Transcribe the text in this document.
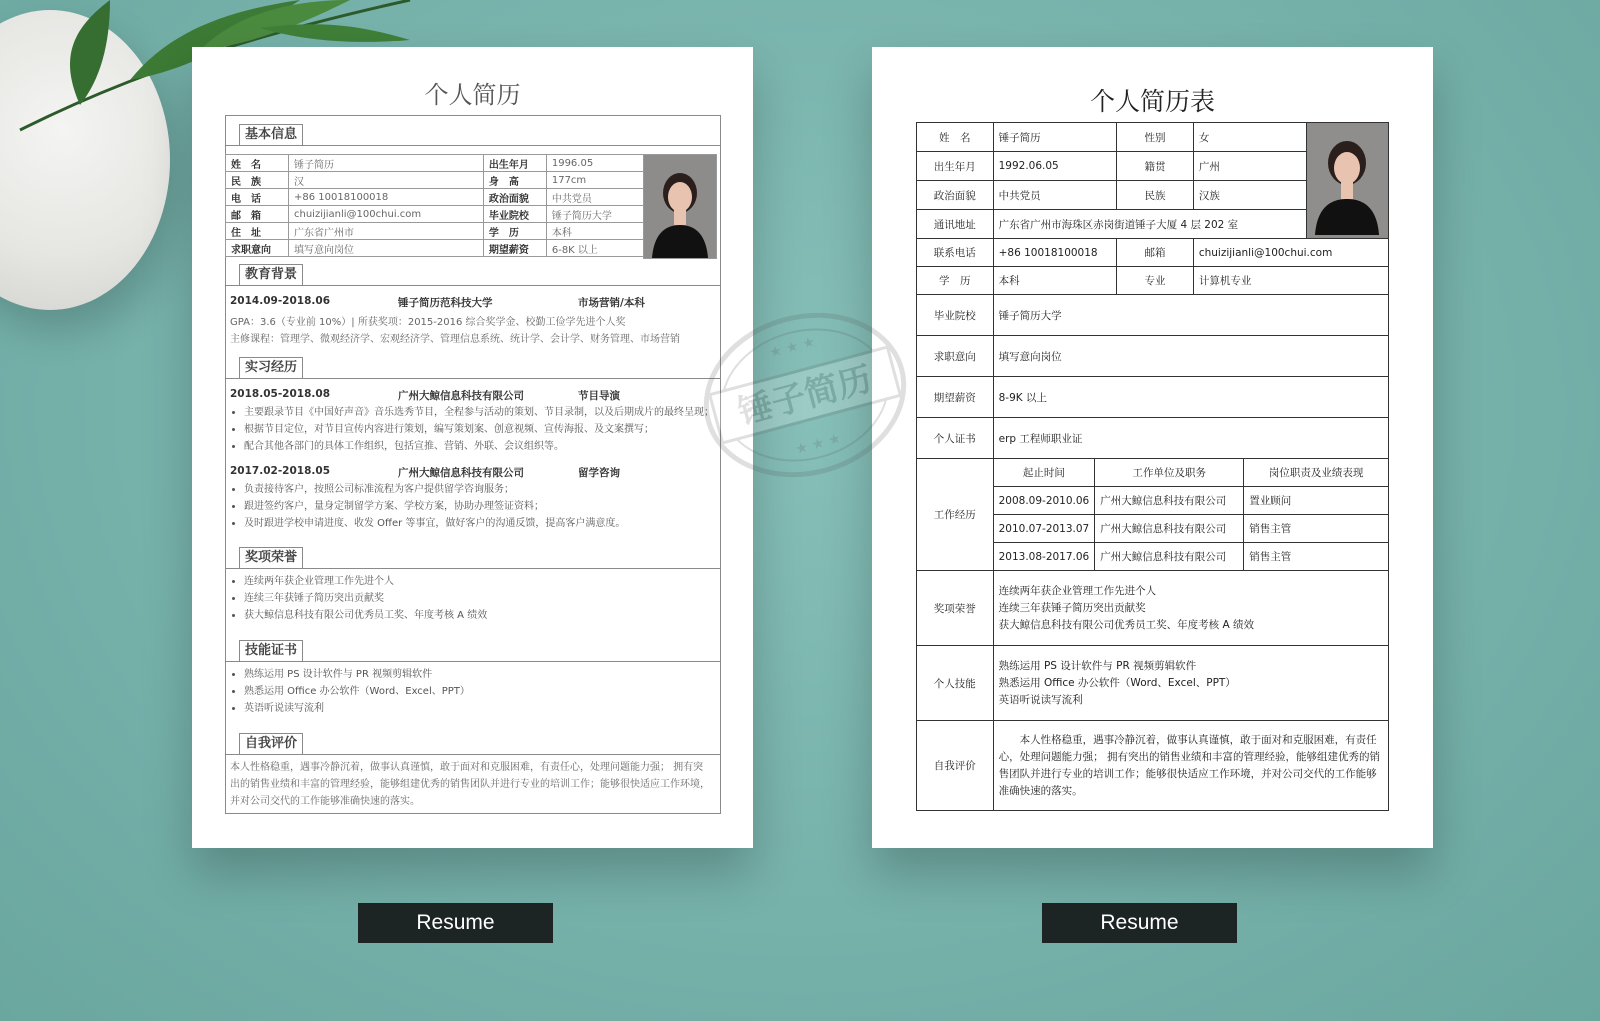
个人简历
基本信息
姓　名	锤子简历	出生年月	1996.05
民　族	汉	身　高	177cm
电　话	+86 10018100018	政治面貌	中共党员
邮　箱	chuizijianli@100chui.com	毕业院校	锤子简历大学
住　址	广东省广州市	学　历	本科
求职意向	填写意向岗位	期望薪资	6-8K 以上
教育背景
2014.09-2018.06	锤子简历范科技大学	市场营销/本科
GPA：3.6（专业前 10%）| 所获奖项：2015-2016 综合奖学金、校勤工俭学先进个人奖
主修课程：管理学、微观经济学、宏观经济学、管理信息系统、统计学、会计学、财务管理、市场营销
实习经历
2018.05-2018.08	广州大鲸信息科技有限公司	节目导演
• 主要跟录节目《中国好声音》音乐选秀节目，全程参与活动的策划、节目录制，以及后期成片的最终呈现；
• 根据节目定位，对节目宣传内容进行策划，编写策划案、创意视频、宣传海报、及文案撰写；
• 配合其他各部门的具体工作组织，包括宣推、营销、外联、会议组织等。
2017.02-2018.05	广州大鲸信息科技有限公司	留学咨询
• 负责接待客户，按照公司标准流程为客户提供留学咨询服务；
• 跟进签约客户，量身定制留学方案、学校方案，协助办理签证资料；
• 及时跟进学校申请进度、收发 Offer 等事宜，做好客户的沟通反馈，提高客户满意度。
奖项荣誉
• 连续两年获企业管理工作先进个人
• 连续三年获锤子简历突出贡献奖
• 获大鲸信息科技有限公司优秀员工奖、年度考核 A 绩效
技能证书
• 熟练运用 PS 设计软件与 PR 视频剪辑软件
• 熟悉运用 Office 办公软件（Word、Excel、PPT）
• 英语听说读写流利
自我评价
本人性格稳重，遇事冷静沉着，做事认真谨慎，敢于面对和克服困难，有责任心，处理问题能力强； 拥有突出的销售业绩和丰富的管理经验，能够组建优秀的销售团队并进行专业的培训工作；能够很快适应工作环境，并对公司交代的工作能够准确快速的落实。
个人简历表
姓　名	锤子简历	性别	女	
出生年月	1992.06.05	籍贯	广州
政治面貌	中共党员	民族	汉族
通讯地址	广东省广州市海珠区赤岗街道锤子大厦 4 层 202 室
联系电话	+86 10018100018	邮箱	chuizijianli@100chui.com
学　历	本科	专业	计算机专业
毕业院校	锤子简历大学
求职意向	填写意向岗位
期望薪资	8-9K 以上
个人证书	erp 工程师职业证
工作经历	
起止时间	工作单位及职务	岗位职责及业绩表现
2008.09-2010.06	广州大鲸信息科技有限公司	置业顾问
2010.07-2013.07	广州大鲸信息科技有限公司	销售主管
2013.08-2017.06	广州大鲸信息科技有限公司	销售主管

奖项荣誉	
连续两年获企业管理工作先进个人
连续三年获锤子简历突出贡献奖
获大鲸信息科技有限公司优秀员工奖、年度考核 A 绩效

个人技能	
熟练运用 PS 设计软件与 PR 视频剪辑软件
熟悉运用 Office 办公软件（Word、Excel、PPT）
英语听说读写流利

自我评价	　　本人性格稳重，遇事冷静沉着，做事认真谨慎，敢于面对和克服困难，有责任心，处理问题能力强； 拥有突出的销售业绩和丰富的管理经验，能够组建优秀的销售团队并进行专业的培训工作；能够很快适应工作环境，并对公司交代的工作能够准确快速的落实。
锤子简历
★ ★ ★
★ ★ ★
Resume	Resume
